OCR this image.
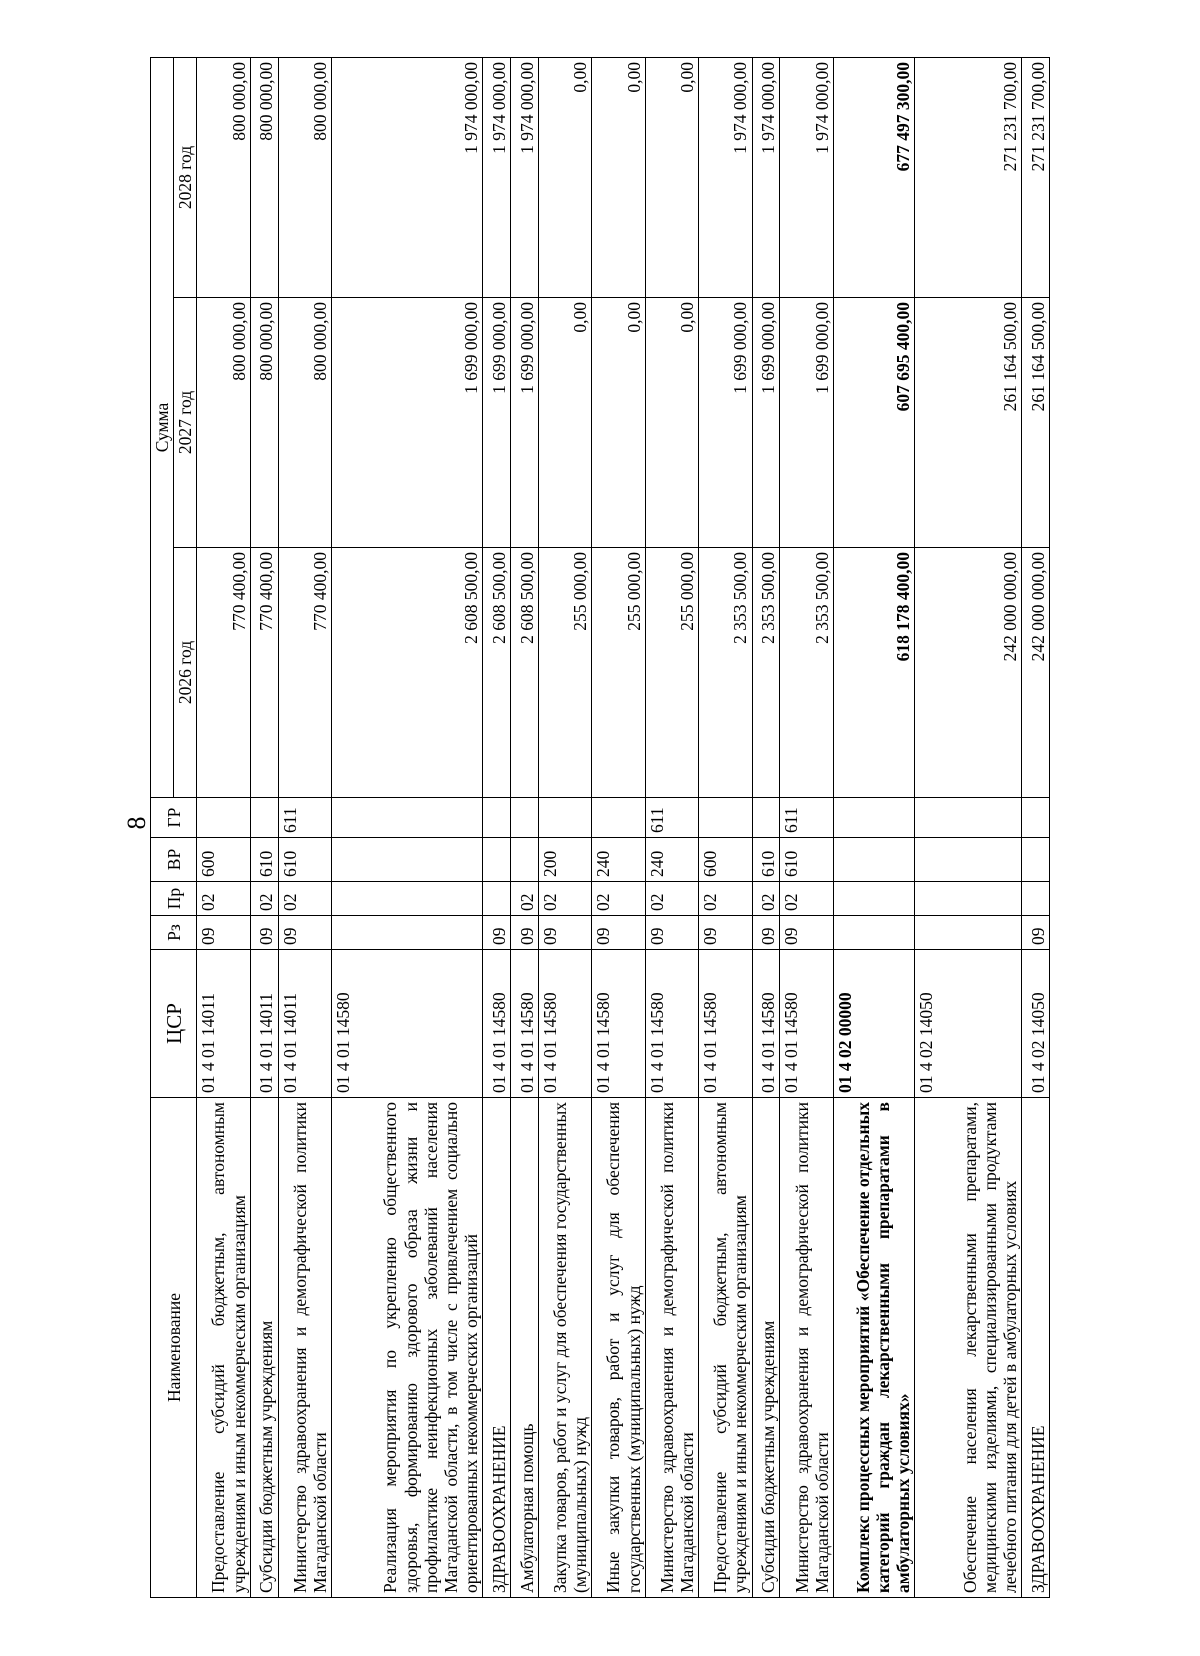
8
Наименование	ЦСР	Рз	Пр	ВР	ГР	Сумма		
						2026 год	2027 год	2028 год
Предоставление субсидий бюджетным, автономным учреждениям и иным некоммерческим организациям	01 4 01 14011	09	02	600		770 400,00	800 000,00	800 000,00
Субсидии бюджетным учреждениям	01 4 01 14011	09	02	610		770 400,00	800 000,00	800 000,00
Министерство здравоохранения и демографической политики Магаданской области	01 4 01 14011	09	02	610	611	770 400,00	800 000,00	800 000,00
Реализация мероприятия по укреплению общественного здоровья, формированию здорового образа жизни и профилактике неинфекционных заболеваний населения Магаданской области, в том числе с привлечением социально ориентированных некоммерческих организаций	01 4 01 14580					2 608 500,00	1 699 000,00	1 974 000,00
ЗДРАВООХРАНЕНИЕ	01 4 01 14580	09				2 608 500,00	1 699 000,00	1 974 000,00
Амбулаторная помощь	01 4 01 14580	09	02			2 608 500,00	1 699 000,00	1 974 000,00
Закупка товаров, работ и услуг для обеспечения государственных (муниципальных) нужд	01 4 01 14580	09	02	200		255 000,00	0,00	0,00
Иные закупки товаров, работ и услуг для обеспечения государственных (муниципальных) нужд	01 4 01 14580	09	02	240		255 000,00	0,00	0,00
Министерство здравоохранения и демографической политики Магаданской области	01 4 01 14580	09	02	240	611	255 000,00	0,00	0,00
Предоставление субсидий бюджетным, автономным учреждениям и иным некоммерческим организациям	01 4 01 14580	09	02	600		2 353 500,00	1 699 000,00	1 974 000,00
Субсидии бюджетным учреждениям	01 4 01 14580	09	02	610		2 353 500,00	1 699 000,00	1 974 000,00
Министерство здравоохранения и демографической политики Магаданской области	01 4 01 14580	09	02	610	611	2 353 500,00	1 699 000,00	1 974 000,00
Комплекс процессных мероприятий «Обеспечение отдельных категорий граждан лекарственными препаратами в амбулаторных условиях»	01 4 02 00000					618 178 400,00	607 695 400,00	677 497 300,00
Обеспечение населения лекарственными препаратами, медицинскими изделиями, специализированными продуктами лечебного питания для детей в амбулаторных условиях	01 4 02 14050					242 000 000,00	261 164 500,00	271 231 700,00
ЗДРАВООХРАНЕНИЕ	01 4 02 14050	09				242 000 000,00	261 164 500,00	271 231 700,00
